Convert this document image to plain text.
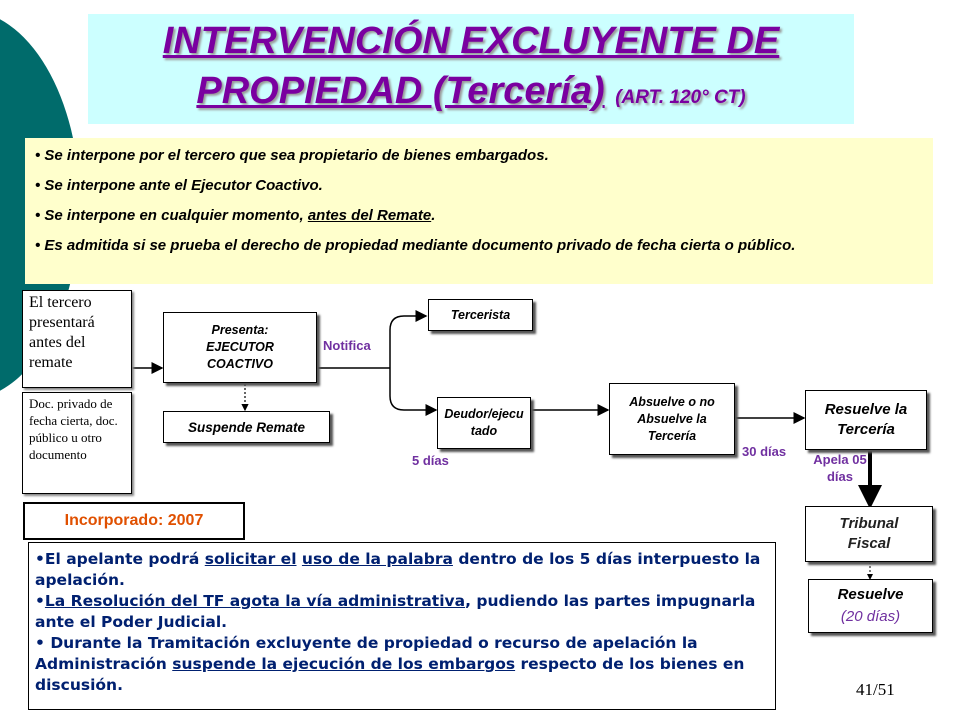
INTERVENCIÓN EXCLUYENTE DE
PROPIEDAD (Tercería) (ART. 120° CT)
• Se interpone por el tercero que sea propietario de bienes embargados.
• Se interpone ante el Ejecutor Coactivo.
• Se interpone en cualquier momento, antes del Remate.
• Es admitida si se prueba el derecho de propiedad mediante documento privado de fecha cierta o público.
El tercero presentará antes del remate
Doc. privado de fecha cierta, doc. público u otro documento
Presenta:
EJECUTOR COACTIVO
Suspende Remate
Notifica
Tercerista
Deudor/ejecutado
5 días
Absuelve o no Absuelve la Tercería
30 días
Resuelve la Tercería
Apela 05 días
Tribunal Fiscal
Resuelve
(20 días)
Incorporado: 2007
•El apelante podrá solicitar el uso de la palabra dentro de los 5 días interpuesto la apelación.
•La Resolución del TF agota la vía administrativa, pudiendo las partes impugnarla ante el Poder Judicial.
• Durante la Tramitación excluyente de propiedad o recurso de apelación la Administración suspende la ejecución de los embargos respecto de los bienes en discusión.	41/51
